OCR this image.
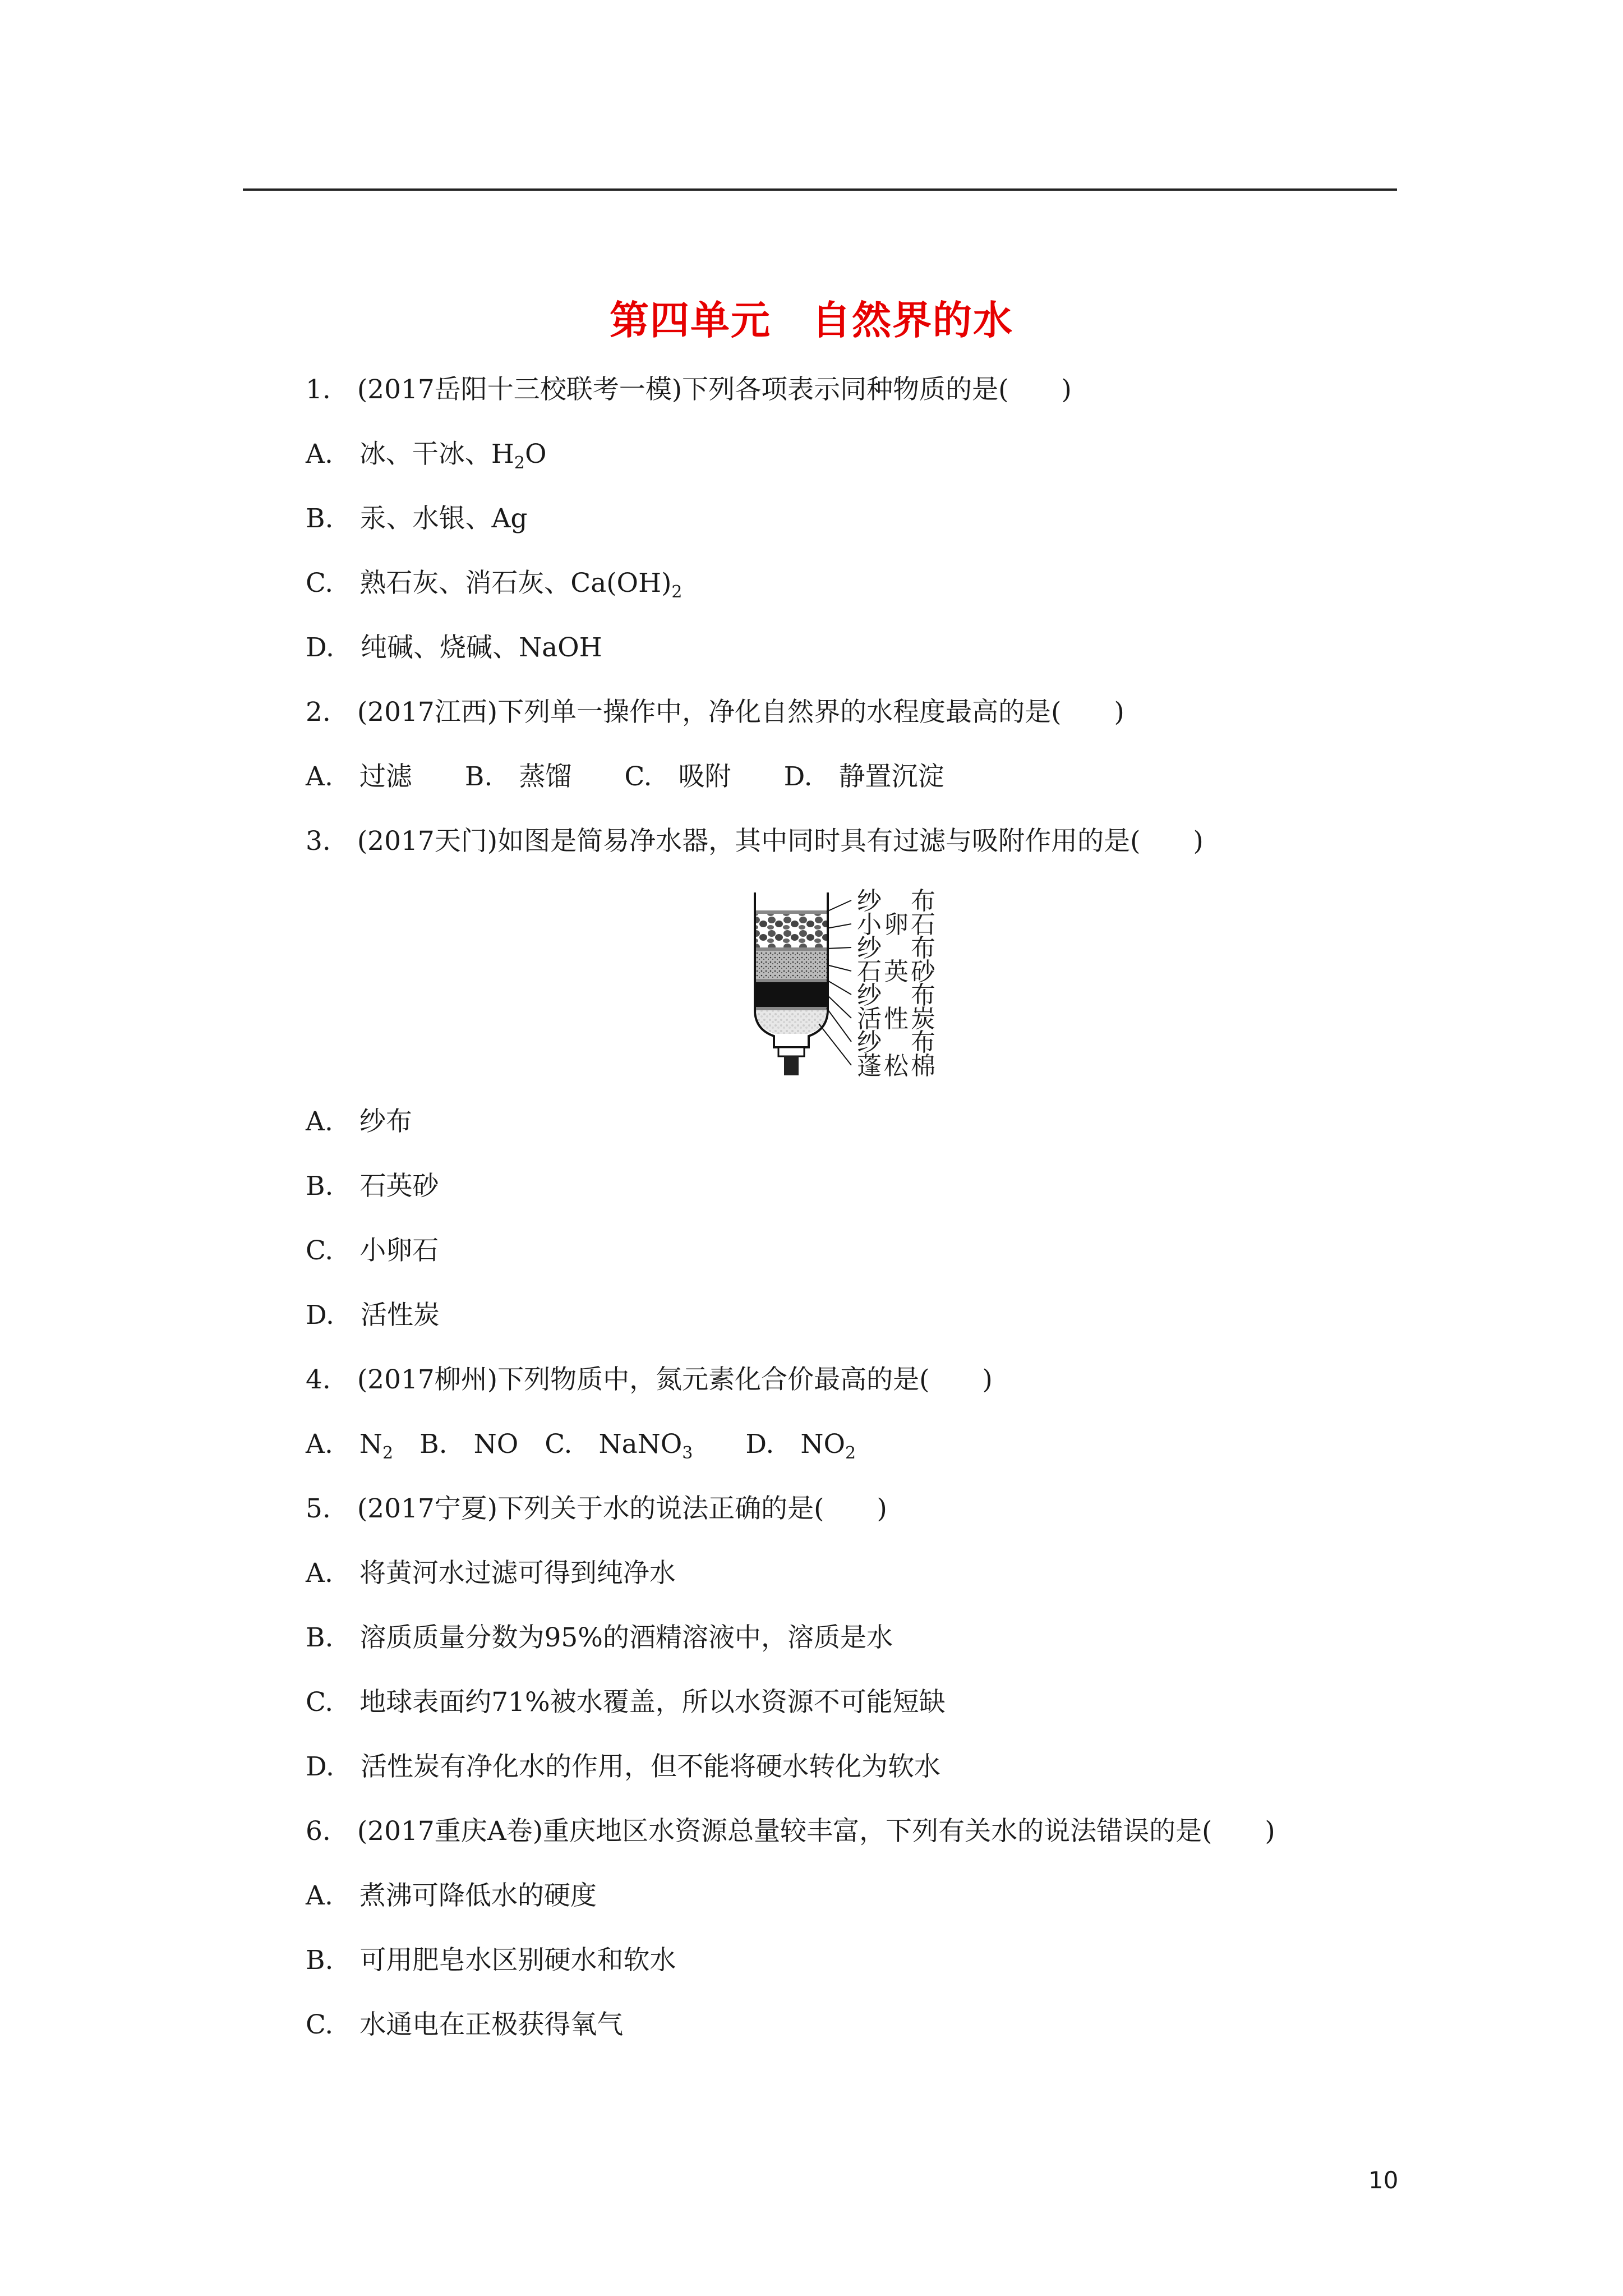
第四单元　自然界的水
1.　(2017岳阳十三校联考一模)下列各项表示同种物质的是(　　)
A.　 冰、干冰、$H_2O$
B.　 汞、水银、Ag
C.　 熟石灰、消石灰、$Ca(OH)_2$
D.　 纯碱、烧碱、NaOH
2.　(2017江西)下列单一操作中，净化自然界的水程度最高的是(　　)
A.　过滤　　 B.　蒸馏　　 C.　吸附　　 D.　静置沉淀
3.　(2017天门)如图是简易净水器，其中同时具有过滤与吸附作用的是(　　)
纱　布
小卵石
纱　布
石英砂
纱　布
活性炭
纱　布
蓬松棉
A.　 纱布
B.　 石英砂
C.　 小卵石
D.　 活性炭
4.　(2017柳州)下列物质中，氮元素化合价最高的是(　　)
A.　$N_2$　 B.　NO　 C.　NaNO$_3$　　 D.　$NO_2$
5.　(2017宁夏)下列关于水的说法正确的是(　　)
A.　 将黄河水过滤可得到纯净水
B.　 溶质质量分数为95%的酒精溶液中，溶质是水
C.　 地球表面约71%被水覆盖，所以水资源不可能短缺
D.　 活性炭有净化水的作用，但不能将硬水转化为软水
6.　(2017重庆A卷)重庆地区水资源总量较丰富，下列有关水的说法错误的是(　　)
A.　 煮沸可降低水的硬度
B.　 可用肥皂水区别硬水和软水
C.　 水通电在正极获得氧气
10
